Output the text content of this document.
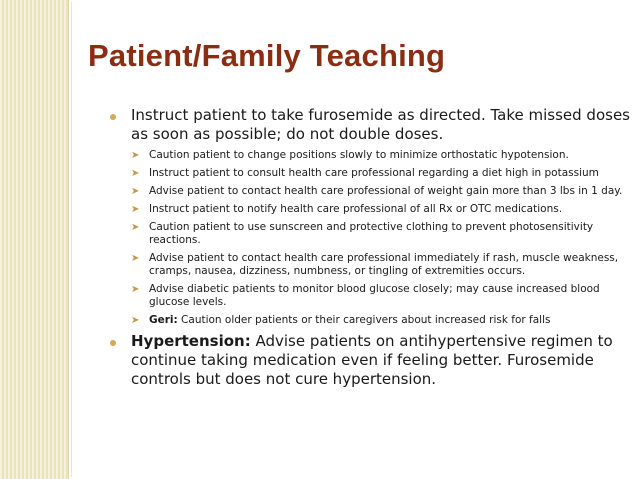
Patient/Family Teaching
Instruct patient to take furosemide as directed. Take missed doses as soon as possible; do not double doses.
➤ Caution patient to change positions slowly to minimize orthostatic hypotension.
➤ Instruct patient to consult health care professional regarding a diet high in potassium
➤ Advise patient to contact health care professional of weight gain more than 3 lbs in 1 day.
➤ Instruct patient to notify health care professional of all Rx or OTC medications.
➤ Caution patient to use sunscreen and protective clothing to prevent photosensitivity reactions.
➤ Advise patient to contact health care professional immediately if rash, muscle weakness, cramps, nausea, dizziness, numbness, or tingling of extremities occurs.
➤ Advise diabetic patients to monitor blood glucose closely; may cause increased blood glucose levels.
➤ Geri: Caution older patients or their caregivers about increased risk for falls
Hypertension: Advise patients on antihypertensive regimen to continue taking medication even if feeling better. Furosemide controls but does not cure hypertension.
